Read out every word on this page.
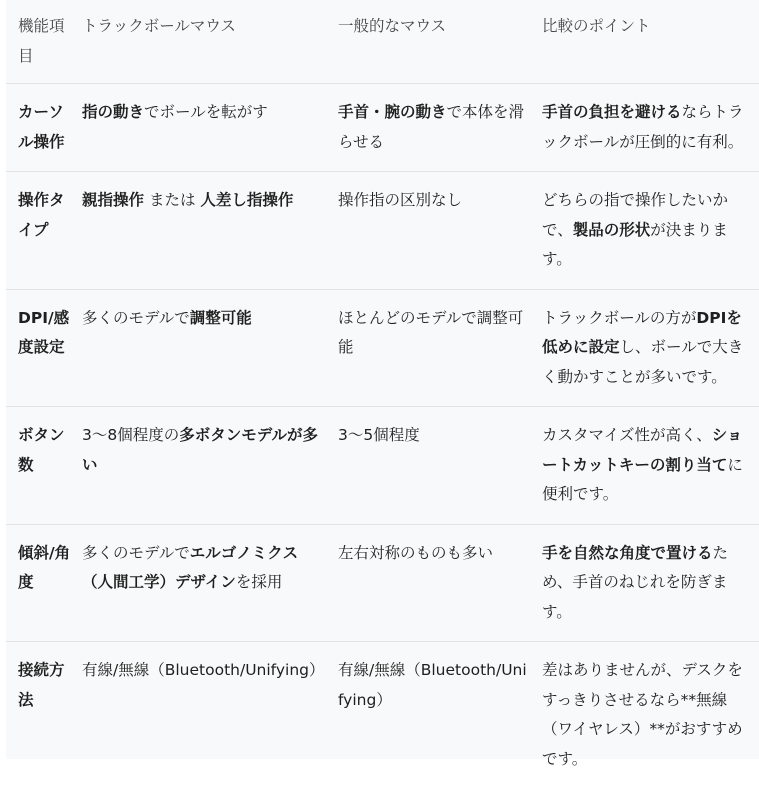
機能項目	トラックボールマウス	一般的なマウス	比較のポイント
カーソル操作	指の動きでボールを転がす	手首・腕の動きで本体を滑らせる	手首の負担を避けるならトラックボールが圧倒的に有利。
操作タイプ	親指操作 または 人差し指操作	操作指の区別なし	どちらの指で操作したいかで、製品の形状が決まります。
DPI/感度設定	多くのモデルで調整可能	ほとんどのモデルで調整可能	トラックボールの方がDPIを低めに設定し、ボールで大きく動かすことが多いです。
ボタン数	3～8個程度の多ボタンモデルが多い	3～5個程度	カスタマイズ性が高く、ショートカットキーの割り当てに便利です。
傾斜/角度	多くのモデルでエルゴノミクス（人間工学）デザインを採用	左右対称のものも多い	手を自然な角度で置けるため、手首のねじれを防ぎます。
接続方法	有線/無線（Bluetooth/Unifying）	有線/無線（Bluetooth/Unifying）	差はありませんが、デスクをすっきりさせるなら**無線（ワイヤレス）**がおすすめです。
